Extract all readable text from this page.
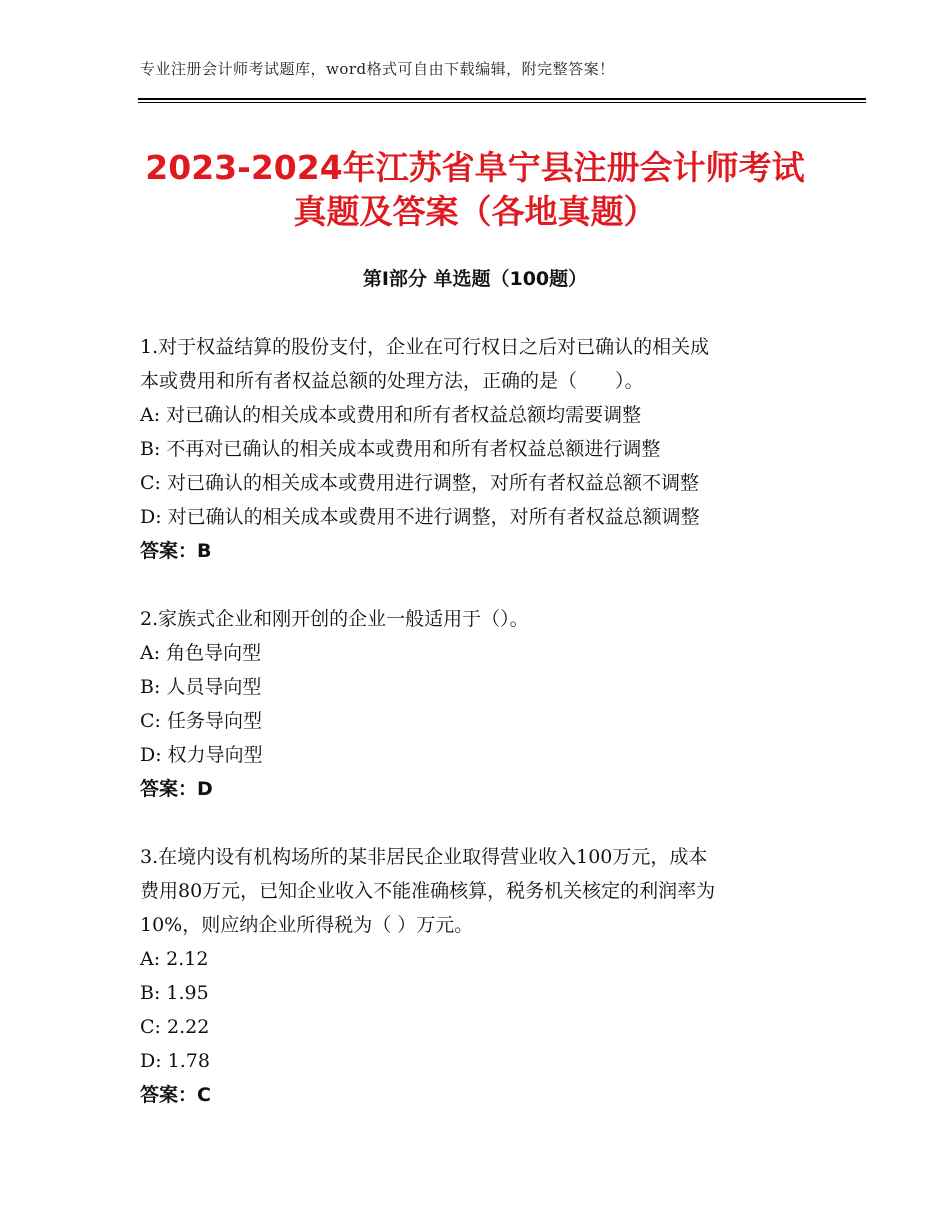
专业注册会计师考试题库，word格式可自由下载编辑，附完整答案！
2023-2024年江苏省阜宁县注册会计师考试
真题及答案（各地真题）
第I部分 单选题（100题）

1.对于权益结算的股份支付，企业在可行权日之后对已确认的相关成

本或费用和所有者权益总额的处理方法，正确的是（　　）。

A: 对已确认的相关成本或费用和所有者权益总额均需要调整

B: 不再对已确认的相关成本或费用和所有者权益总额进行调整

C: 对已确认的相关成本或费用进行调整，对所有者权益总额不调整

D: 对已确认的相关成本或费用不进行调整，对所有者权益总额调整

答案：B

2.家族式企业和刚开创的企业一般适用于（）。

A: 角色导向型

B: 人员导向型

C: 任务导向型

D: 权力导向型

答案：D

3.在境内设有机构场所的某非居民企业取得营业收入100万元，成本

费用80万元，已知企业收入不能准确核算，税务机关核定的利润率为

10%，则应纳企业所得税为（ ）万元。

A: 2.12

B: 1.95

C: 2.22

D: 1.78

答案：C
